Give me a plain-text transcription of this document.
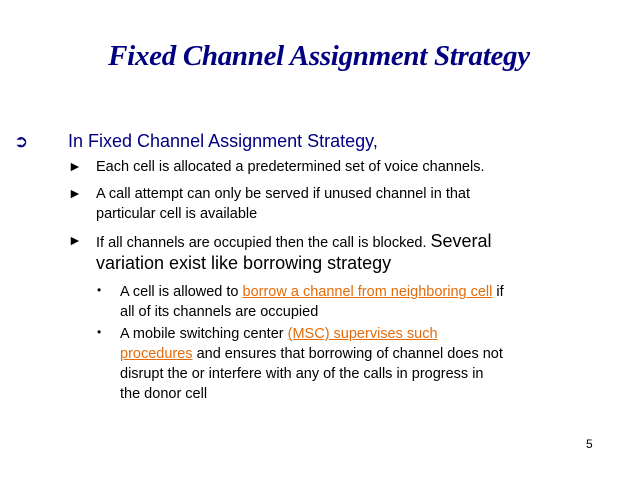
Fixed Channel Assignment Strategy
➲ In Fixed Channel Assignment Strategy,
► Each cell is allocated a predetermined set of voice channels.
► A call attempt can only be served if unused channel in that
particular cell is available
► If all channels are occupied then the call is blocked. Several
variation exist like borrowing strategy
• A cell is allowed to borrow a channel from neighboring cell if
all of its channels are occupied
• A mobile switching center (MSC) supervises such
procedures and ensures that borrowing of channel does not
disrupt the or interfere with any of the calls in progress in
the donor cell
5
